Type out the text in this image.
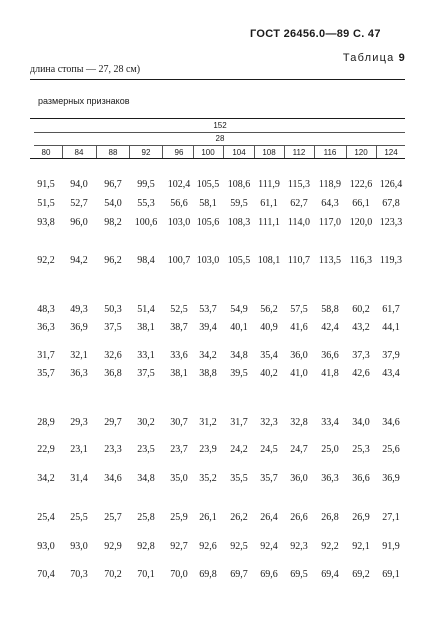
ГОСТ 26456.0—89 С. 47
Таблица 9
длина стопы — 27, 28 см)
размерных признаков
152
28
80	84	88	92	96	100	104	108	112	116	120	124
91,5	94,0	96,7	99,5	102,4 105,5 108,6 111,9 115,3 118,9 122,6 126,4
51,5	52,7	54,0	55,3	56,6	58,1	59,5	61,1	62,7	64,3	66,1	67,8
93,8	96,0	98,2	100,6	103,0 105,6 108,3 111,1 114,0 117,0 120,0 123,3
92,2	94,2	96,2	98,4	100,7 103,0 105,5 108,1 110,7 113,5 116,3 119,3
48,3	49,3	50,3	51,4	52,5	53,7	54,9	56,2	57,5	58,8	60,2	61,7
36,3	36,9	37,5	38,1	38,7	39,4	40,1	40,9	41,6	42,4	43,2	44,1
31,7	32,1	32,6	33,1	33,6	34,2	34,8	35,4	36,0	36,6	37,3	37,9
35,7	36,3	36,8	37,5	38,1	38,8	39,5	40,2	41,0	41,8	42,6	43,4
28,9	29,3	29,7	30,2	30,7	31,2	31,7	32,3	32,8	33,4	34,0	34,6
22,9	23,1	23,3	23,5	23,7	23,9	24,2	24,5	24,7	25,0	25,3	25,6
34,2	31,4	34,6	34,8	35,0	35,2	35,5	35,7	36,0	36,3	36,6	36,9
25,4	25,5	25,7	25,8	25,9	26,1	26,2	26,4	26,6	26,8	26,9	27,1
93,0	93,0	92,9	92,8	92,7	92,6	92,5	92,4	92,3	92,2	92,1	91,9
70,4	70,3	70,2	70,1	70,0	69,8	69,7	69,6	69,5	69,4	69,2	69,1
